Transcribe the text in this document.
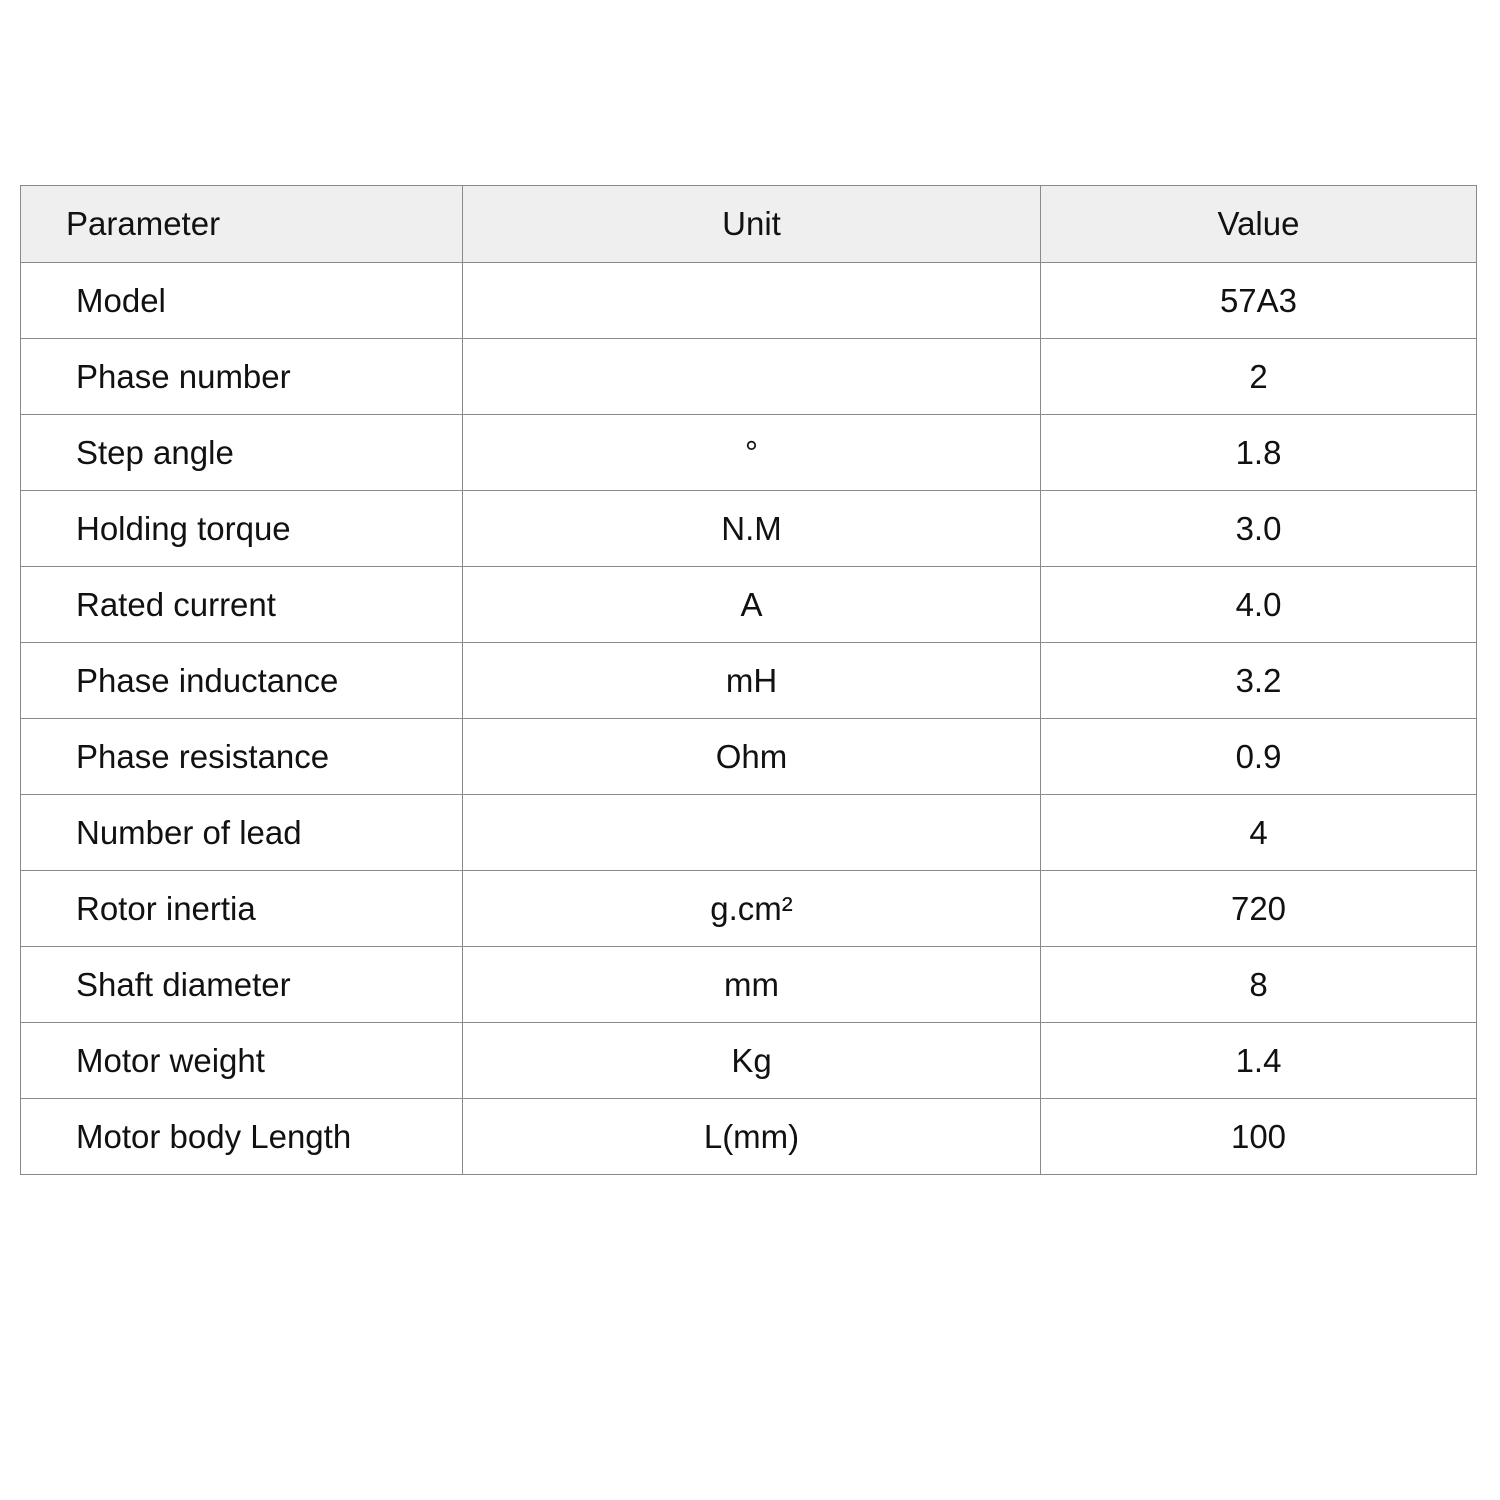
Parameter	Unit	Value
Model		57A3
Phase number		2
Step angle	°	1.8
Holding torque	N.M	3.0
Rated current	A	4.0
Phase inductance	mH	3.2
Phase resistance	Ohm	0.9
Number of lead		4
Rotor inertia	g.cm²	720
Shaft diameter	mm	8
Motor weight	Kg	1.4
Motor body Length	L(mm)	100
